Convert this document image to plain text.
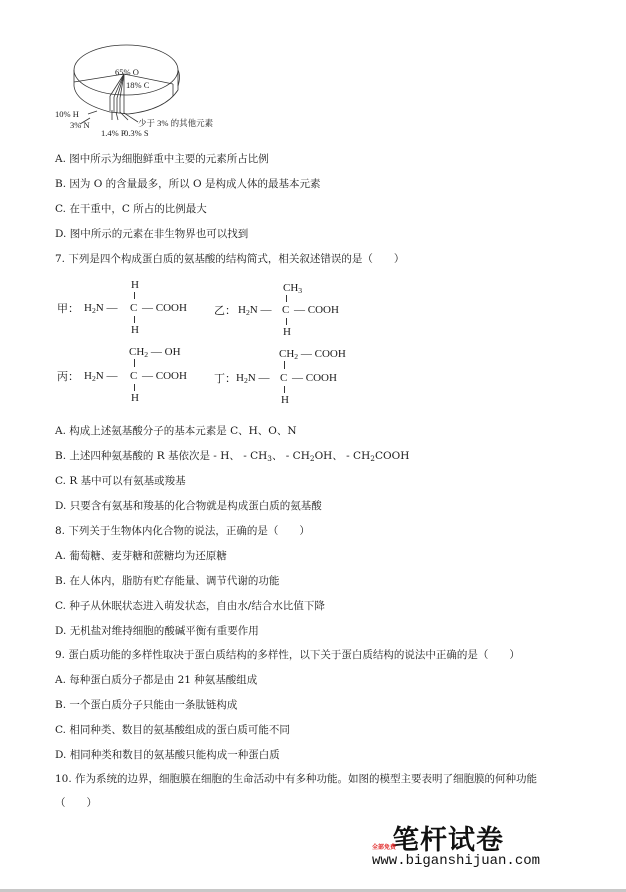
65% O
18% C
10% H
3% N
1.4% P
0.3% S
少于 3% 的其他元素
A. 图中所示为细胞鲜重中主要的元素所占比例
B. 因为 O 的含量最多，所以 O 是构成人体的最基本元素
C. 在干重中，C 所占的比例最大
D. 图中所示的元素在非生物界也可以找到
7. 下列是四个构成蛋白质的氨基酸的结构简式，相关叙述错误的是（　　）
H
甲： $H_2N$ — C — COOH
H
$CH_3$
乙： $H_2N$ — C — COOH
H
$CH_2$ — OH
丙： $H_2N$ — C — COOH
H
$CH_2$ — COOH
丁： $H_2N$ — C — COOH
H
A. 构成上述氨基酸分子的基本元素是 C、H、O、N
B. 上述四种氨基酸的 R 基依次是 - H、 - $CH_3$、 - $CH_2OH$、 - $CH_2COOH$
C. R 基中可以有氨基或羧基
D. 只要含有氨基和羧基的化合物就是构成蛋白质的氨基酸
8. 下列关于生物体内化合物的说法，正确的是（　　）
A. 葡萄糖、麦芽糖和蔗糖均为还原糖
B. 在人体内，脂肪有贮存能量、调节代谢的功能
C. 种子从休眠状态进入萌发状态，自由水/结合水比值下降
D. 无机盐对维持细胞的酸碱平衡有重要作用
9. 蛋白质功能的多样性取决于蛋白质结构的多样性，以下关于蛋白质结构的说法中正确的是（　　）
A. 每种蛋白质分子都是由 21 种氨基酸组成
B. 一个蛋白质分子只能由一条肽链构成
C. 相同种类、数目的氨基酸组成的蛋白质可能不同
D. 相同种类和数目的氨基酸只能构成一种蛋白质
10. 作为系统的边界，细胞膜在细胞的生命活动中有多种功能。如图的模型主要表明了细胞膜的何种功能
（　　）
笔杆试卷
全部免费
www.biganshijuan.com
